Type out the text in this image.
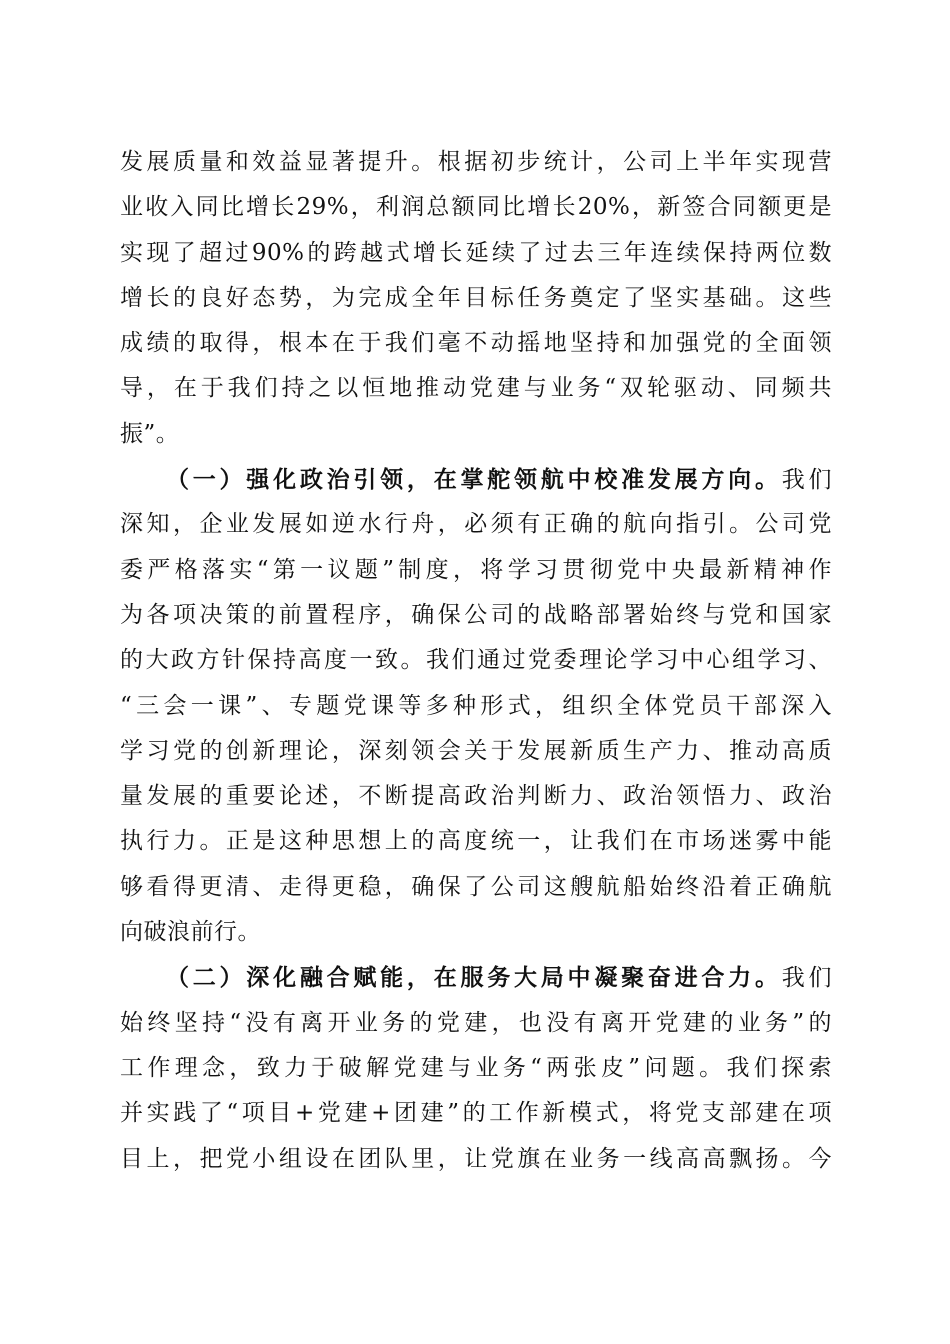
发展质量和效益显著提升。根据初步统计，公司上半年实现营
业收入同比增长29%，利润总额同比增长20%，新签合同额更是
实现了超过90%的跨越式增长延续了过去三年连续保持两位数
增长的良好态势，为完成全年目标任务奠定了坚实基础。这些
成绩的取得，根本在于我们毫不动摇地坚持和加强党的全面领
导，在于我们持之以恒地推动党建与业务“双轮驱动、同频共
振”。
（一）强化政治引领，在掌舵领航中校准发展方向。我们
深知，企业发展如逆水行舟，必须有正确的航向指引。公司党
委严格落实“第一议题”制度，将学习贯彻党中央最新精神作
为各项决策的前置程序，确保公司的战略部署始终与党和国家
的大政方针保持高度一致。我们通过党委理论学习中心组学习、
“三会一课”、专题党课等多种形式，组织全体党员干部深入
学习党的创新理论，深刻领会关于发展新质生产力、推动高质
量发展的重要论述，不断提高政治判断力、政治领悟力、政治
执行力。正是这种思想上的高度统一，让我们在市场迷雾中能
够看得更清、走得更稳，确保了公司这艘航船始终沿着正确航
向破浪前行。
（二）深化融合赋能，在服务大局中凝聚奋进合力。我们
始终坚持“没有离开业务的党建，也没有离开党建的业务”的
工作理念，致力于破解党建与业务“两张皮”问题。我们探索
并实践了“项目+党建+团建”的工作新模式，将党支部建在项
目上，把党小组设在团队里，让党旗在业务一线高高飘扬。今
